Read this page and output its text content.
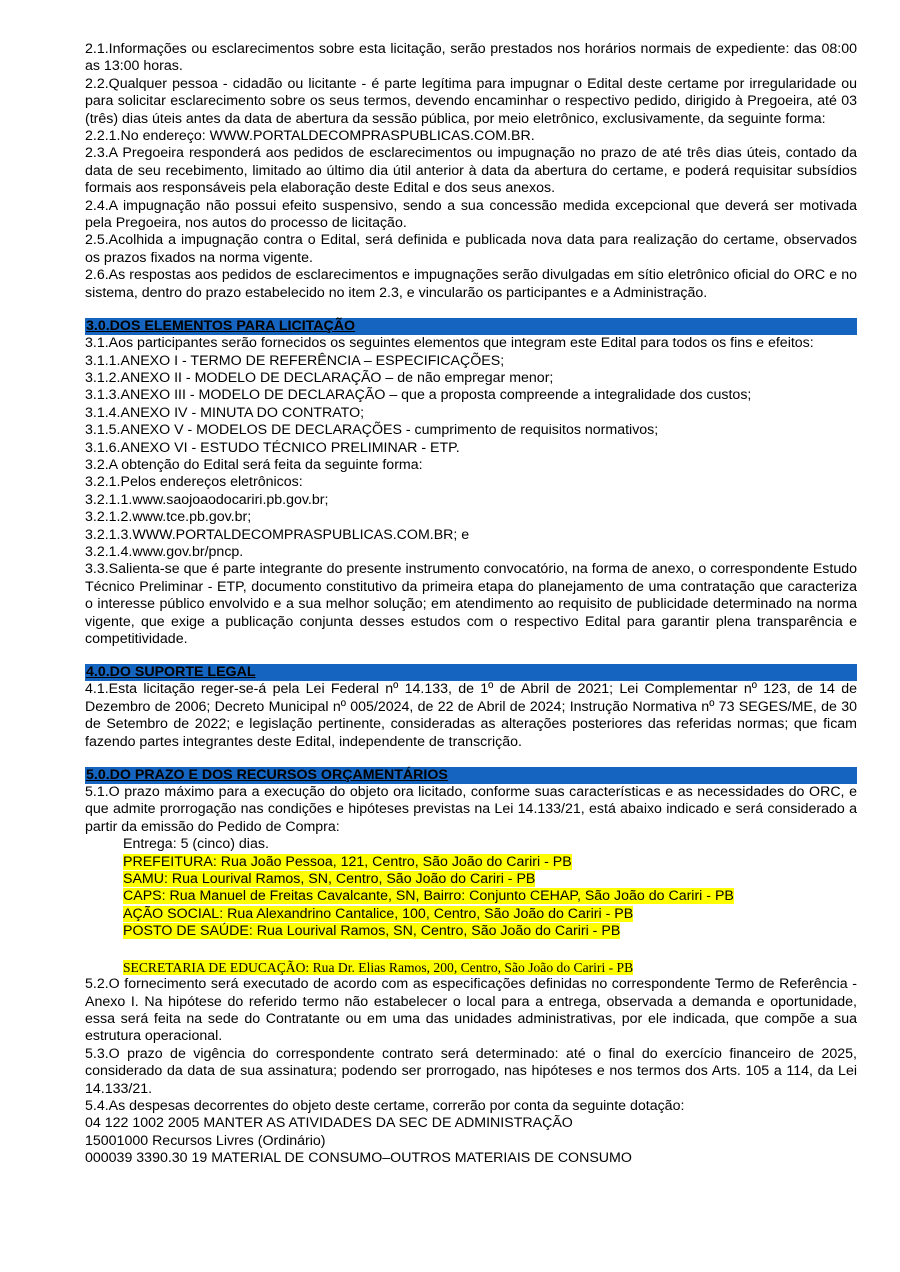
2.1.Informações ou esclarecimentos sobre esta licitação, serão prestados nos horários normais de expediente: das 08:00 as 13:00 horas.

2.2.Qualquer pessoa - cidadão ou licitante - é parte legítima para impugnar o Edital deste certame por irregularidade ou para solicitar esclarecimento sobre os seus termos, devendo encaminhar o respectivo pedido, dirigido à Pregoeira, até 03 (três) dias úteis antes da data de abertura da sessão pública, por meio eletrônico, exclusivamente, da seguinte forma:

2.2.1.No endereço: WWW.PORTALDECOMPRASPUBLICAS.COM.BR.

2.3.A Pregoeira responderá aos pedidos de esclarecimentos ou impugnação no prazo de até três dias úteis, contado da data de seu recebimento, limitado ao último dia útil anterior à data da abertura do certame, e poderá requisitar subsídios formais aos responsáveis pela elaboração deste Edital e dos seus anexos.

2.4.A impugnação não possui efeito suspensivo, sendo a sua concessão medida excepcional que deverá ser motivada pela Pregoeira, nos autos do processo de licitação.

2.5.Acolhida a impugnação contra o Edital, será definida e publicada nova data para realização do certame, observados os prazos fixados na norma vigente.

2.6.As respostas aos pedidos de esclarecimentos e impugnações serão divulgadas em sítio eletrônico oficial do ORC e no sistema, dentro do prazo estabelecido no item 2.3, e vincularão os participantes e a Administração.

3.0.DOS ELEMENTOS PARA LICITAÇÃO

3.1.Aos participantes serão fornecidos os seguintes elementos que integram este Edital para todos os fins e efeitos:

3.1.1.ANEXO I - TERMO DE REFERÊNCIA – ESPECIFICAÇÕES;

3.1.2.ANEXO II - MODELO DE DECLARAÇÃO – de não empregar menor;

3.1.3.ANEXO III - MODELO DE DECLARAÇÃO – que a proposta compreende a integralidade dos custos;

3.1.4.ANEXO IV - MINUTA DO CONTRATO;

3.1.5.ANEXO V - MODELOS DE DECLARAÇÕES - cumprimento de requisitos normativos;

3.1.6.ANEXO VI - ESTUDO TÉCNICO PRELIMINAR - ETP.

3.2.A obtenção do Edital será feita da seguinte forma:

3.2.1.Pelos endereços eletrônicos:

3.2.1.1.www.saojoaodocariri.pb.gov.br;

3.2.1.2.www.tce.pb.gov.br;

3.2.1.3.WWW.PORTALDECOMPRASPUBLICAS.COM.BR; e

3.2.1.4.www.gov.br/pncp.

3.3.Salienta-se que é parte integrante do presente instrumento convocatório, na forma de anexo, o correspondente Estudo Técnico Preliminar - ETP, documento constitutivo da primeira etapa do planejamento de uma contratação que caracteriza o interesse público envolvido e a sua melhor solução; em atendimento ao requisito de publicidade determinado na norma vigente, que exige a publicação conjunta desses estudos com o respectivo Edital para garantir plena transparência e competitividade.

4.0.DO SUPORTE LEGAL

4.1.Esta licitação reger-se-á pela Lei Federal nº 14.133, de 1º de Abril de 2021; Lei Complementar nº 123, de 14 de Dezembro de 2006; Decreto Municipal nº 005/2024, de 22 de Abril de 2024; Instrução Normativa nº 73 SEGES/ME, de 30 de Setembro de 2022; e legislação pertinente, consideradas as alterações posteriores das referidas normas; que ficam fazendo partes integrantes deste Edital, independente de transcrição.

5.0.DO PRAZO E DOS RECURSOS ORÇAMENTÁRIOS

5.1.O prazo máximo para a execução do objeto ora licitado, conforme suas características e as necessidades do ORC, e que admite prorrogação nas condições e hipóteses previstas na Lei 14.133/21, está abaixo indicado e será considerado a partir da emissão do Pedido de Compra:

Entrega: 5 (cinco) dias.

PREFEITURA: Rua João Pessoa, 121, Centro, São João do Cariri - PB

SAMU: Rua Lourival Ramos, SN, Centro, São João do Cariri - PB

CAPS: Rua Manuel de Freitas Cavalcante, SN, Bairro: Conjunto CEHAP, São João do Cariri - PB

AÇÃO SOCIAL: Rua Alexandrino Cantalice, 100, Centro, São João do Cariri - PB

POSTO DE SAÚDE: Rua Lourival Ramos, SN, Centro, São João do Cariri - PB

SECRETARIA DE EDUCAÇÃO: Rua Dr. Elias Ramos, 200, Centro, São João do Cariri - PB

5.2.O fornecimento será executado de acordo com as especificações definidas no correspondente Termo de Referência - Anexo I. Na hipótese do referido termo não estabelecer o local para a entrega, observada a demanda e oportunidade, essa será feita na sede do Contratante ou em uma das unidades administrativas, por ele indicada, que compõe a sua estrutura operacional.

5.3.O prazo de vigência do correspondente contrato será determinado: até o final do exercício financeiro de 2025, considerado da data de sua assinatura; podendo ser prorrogado, nas hipóteses e nos termos dos Arts. 105 a 114, da Lei 14.133/21.

5.4.As despesas decorrentes do objeto deste certame, correrão por conta da seguinte dotação:

04 122 1002 2005 MANTER AS ATIVIDADES DA SEC DE ADMINISTRAÇÃO

15001000 Recursos Livres (Ordinário)

000039 3390.30 19 MATERIAL DE CONSUMO–OUTROS MATERIAIS DE CONSUMO
